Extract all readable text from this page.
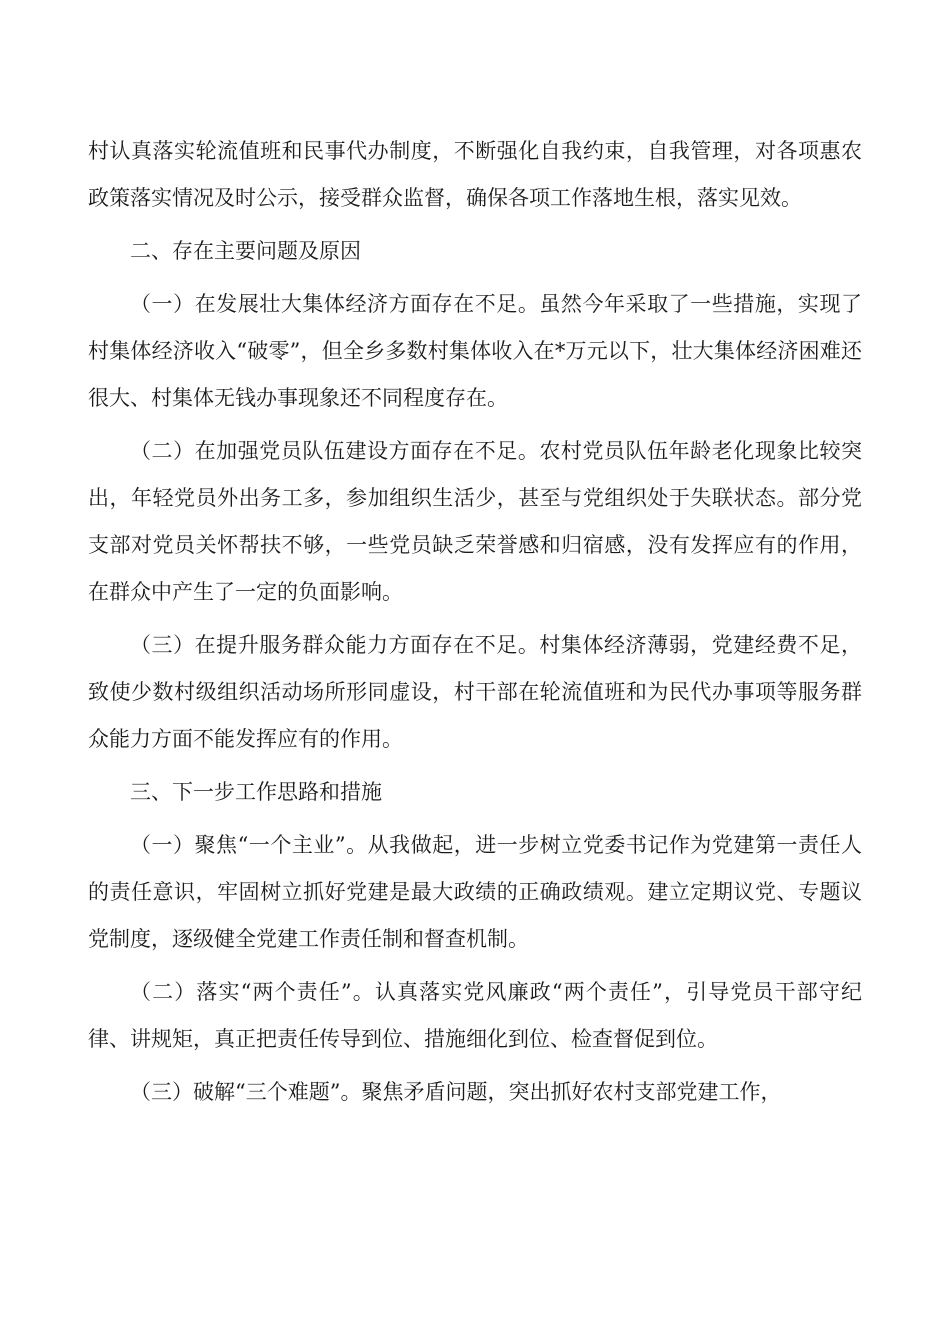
村认真落实轮流值班和民事代办制度，不断强化自我约束，自我管理，对各项惠农政策落实情况及时公示，接受群众监督，确保各项工作落地生根，落实见效。

二、存在主要问题及原因

（一）在发展壮大集体经济方面存在不足。虽然今年采取了一些措施，实现了村集体经济收入“破零”，但全乡多数村集体收入在*万元以下，壮大集体经济困难还很大、村集体无钱办事现象还不同程度存在。

（二）在加强党员队伍建设方面存在不足。农村党员队伍年龄老化现象比较突出，年轻党员外出务工多，参加组织生活少，甚至与党组织处于失联状态。部分党支部对党员关怀帮扶不够，一些党员缺乏荣誉感和归宿感，没有发挥应有的作用，在群众中产生了一定的负面影响。

（三）在提升服务群众能力方面存在不足。村集体经济薄弱，党建经费不足，致使少数村级组织活动场所形同虚设，村干部在轮流值班和为民代办事项等服务群众能力方面不能发挥应有的作用。

三、下一步工作思路和措施

（一）聚焦“一个主业”。从我做起，进一步树立党委书记作为党建第一责任人的责任意识，牢固树立抓好党建是最大政绩的正确政绩观。建立定期议党、专题议党制度，逐级健全党建工作责任制和督查机制。

（二）落实“两个责任”。认真落实党风廉政“两个责任”，引导党员干部守纪律、讲规矩，真正把责任传导到位、措施细化到位、检查督促到位。

（三）破解“三个难题”。聚焦矛盾问题，突出抓好农村支部党建工作，
